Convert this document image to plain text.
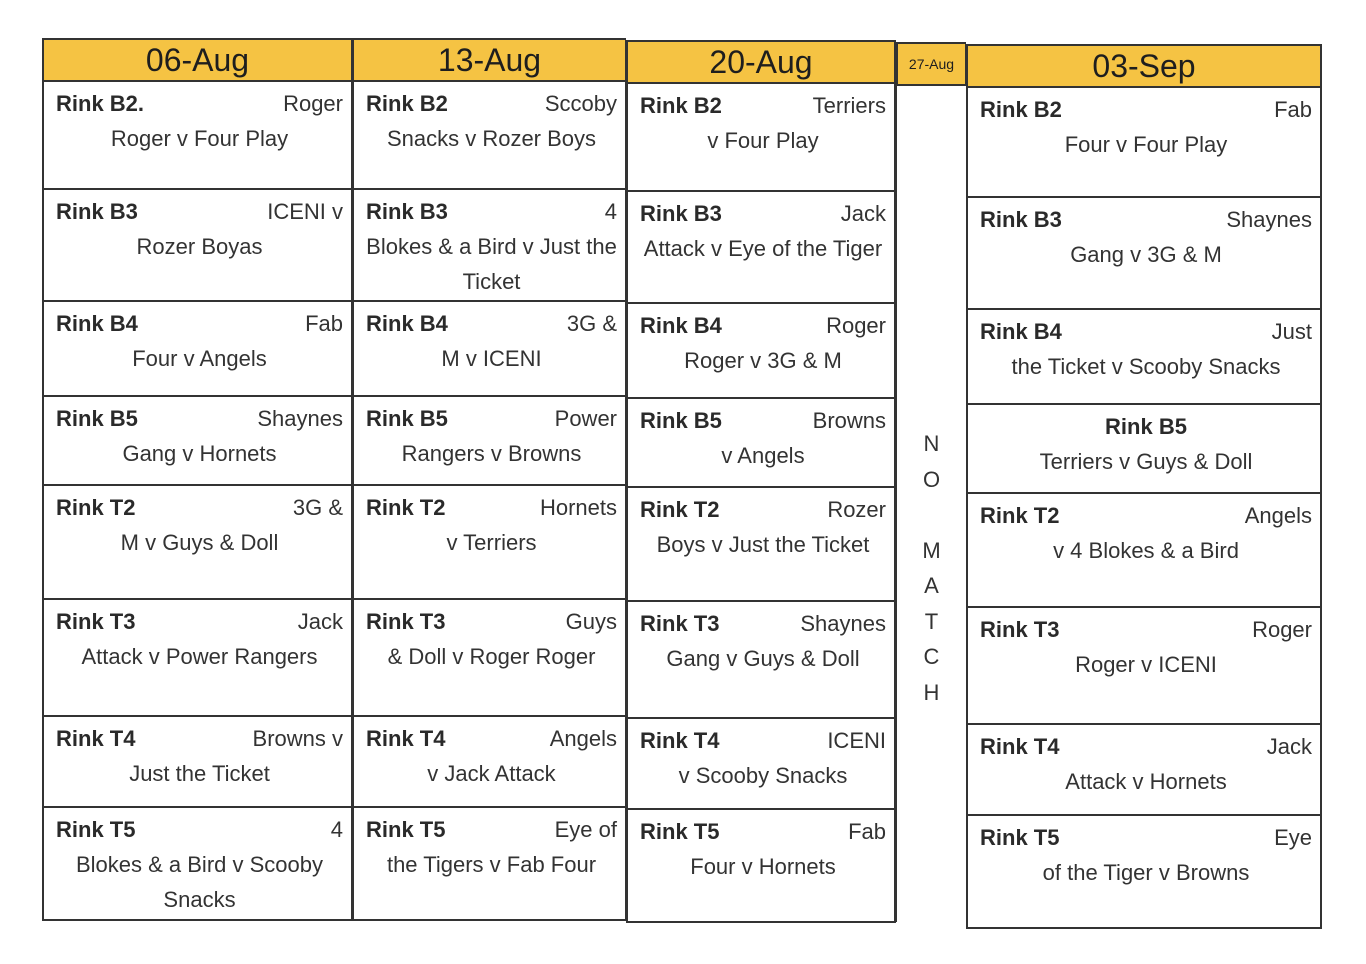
06-Aug
Rink B2.	Roger
Roger v Four Play
Rink B3	ICENI v
Rozer Boyas
Rink B4	Fab
Four v Angels
Rink B5	Shaynes
Gang v Hornets
Rink T2	3G &
M v Guys & Doll
Rink T3	Jack
Attack v Power Rangers
Rink T4	Browns v
Just the Ticket
Rink T5	4
Blokes & a Bird v Scooby
Snacks
13-Aug
Rink B2	Sccoby
Snacks v Rozer Boys
Rink B3	4
Blokes & a Bird v Just the
Ticket
Rink B4	3G &
M v ICENI
Rink B5	Power
Rangers v Browns
Rink T2	Hornets
v Terriers
Rink T3	Guys
& Doll v Roger Roger
Rink T4	Angels
v Jack Attack
Rink T5	Eye of
the Tigers v Fab Four
20-Aug
Rink B2	Terriers
v Four Play
Rink B3	Jack
Attack v Eye of the Tiger
Rink B4	Roger
Roger v 3G & M
Rink B5	Browns
v Angels
Rink T2	Rozer
Boys v Just the Ticket
Rink T3	Shaynes
Gang v Guys & Doll
Rink T4	ICENI
v Scooby Snacks
Rink T5	Fab
Four v Hornets
27-Aug
N
O
M
A
T
C
H
03-Sep
Rink B2	Fab
Four v Four Play
Rink B3	Shaynes
Gang v 3G & M
Rink B4	Just
the Ticket v Scooby Snacks
Rink B5
Terriers v Guys & Doll
Rink T2	Angels
v 4 Blokes & a Bird
Rink T3	Roger
Roger v ICENI
Rink T4	Jack
Attack v Hornets
Rink T5	Eye
of the Tiger v Browns
